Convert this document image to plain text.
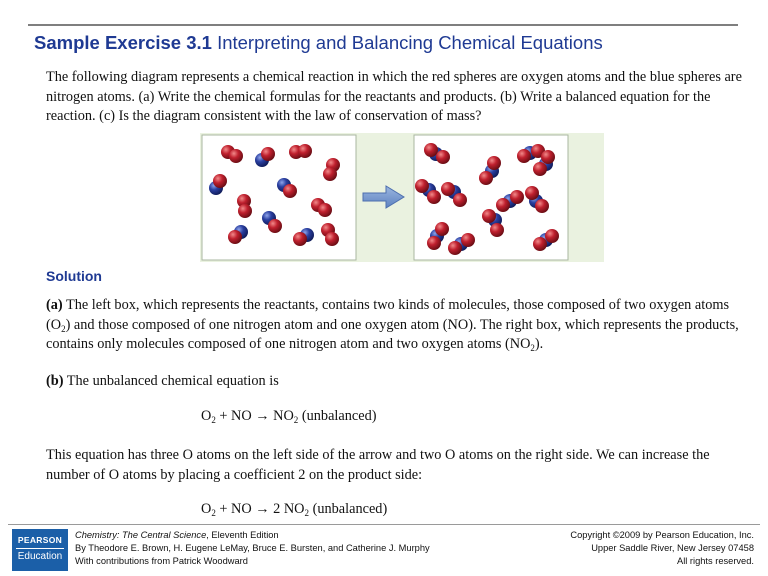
Sample Exercise 3.1 Interpreting and Balancing Chemical Equations
The following diagram represents a chemical reaction in which the red spheres are oxygen atoms and the blue spheres are nitrogen atoms. (a) Write the chemical formulas for the reactants and products. (b) Write a balanced equation for the reaction. (c) Is the diagram consistent with the law of conservation of mass?
Solution
(a) The left box, which represents the reactants, contains two kinds of molecules, those composed of two oxygen atoms $(O_2)$ and those composed of one nitrogen atom and one oxygen atom (NO). The right box, which represents the products, contains only molecules composed of one nitrogen atom and two oxygen atoms $(NO_2)$.
(b) The unbalanced chemical equation is
$O_2$ + NO → $NO_2$ (unbalanced)
This equation has three O atoms on the left side of the arrow and two O atoms on the right side. We can increase the number of O atoms by placing a coefficient 2 on the product side:
$O_2$ + NO → 2 $NO_2$ (unbalanced)
PEARSON
Education
Chemistry: The Central Science, Eleventh Edition
By Theodore E. Brown, H. Eugene LeMay, Bruce E. Bursten, and Catherine J. Murphy
With contributions from Patrick Woodward
Copyright ©2009 by Pearson Education, Inc.
Upper Saddle River, New Jersey 07458
All rights reserved.
